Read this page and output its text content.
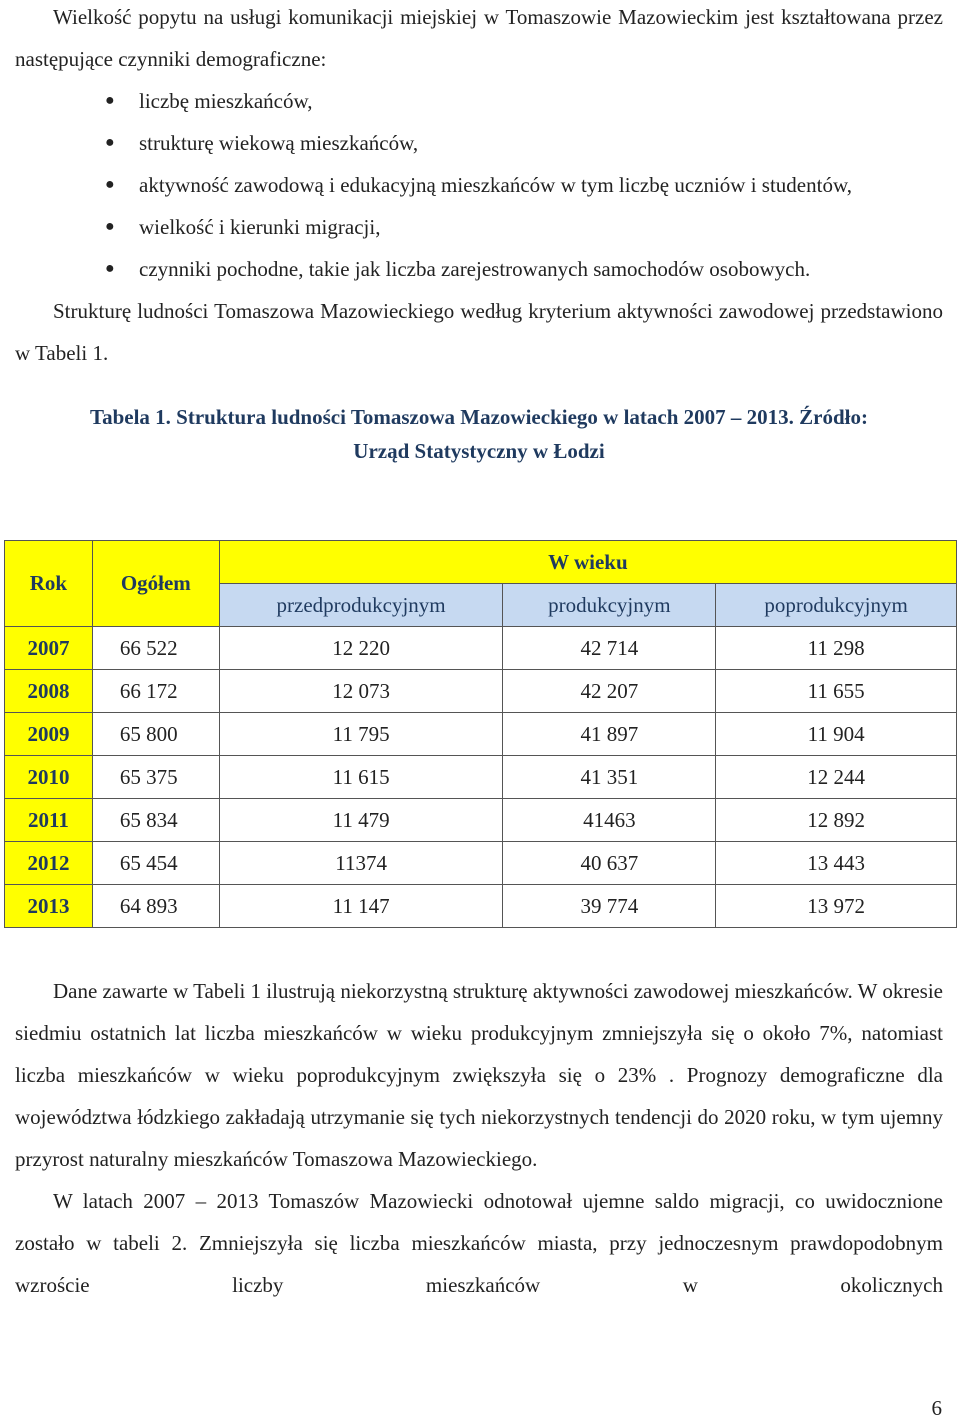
Wielkość popytu na usługi komunikacji miejskiej w Tomaszowie Mazowieckim jest kształtowana przez następujące czynniki demograficzne:

● liczbę mieszkańców,
● strukturę wiekową mieszkańców,
● aktywność zawodową i edukacyjną mieszkańców w tym liczbę uczniów i studentów,
● wielkość i kierunki migracji,
● czynniki pochodne, takie jak liczba zarejestrowanych samochodów osobowych.

Strukturę ludności Tomaszowa Mazowieckiego według kryterium aktywności zawodowej przedstawiono w Tabeli 1.

Tabela 1. Struktura ludności Tomaszowa Mazowieckiego w latach 2007 – 2013. Źródło:
Urząd Statystyczny w Łodzi
Rok	Ogółem	W wieku		
		przedprodukcyjnym	produkcyjnym	poprodukcyjnym
2007	66 522	12 220	42 714	11 298
2008	66 172	12 073	42 207	11 655
2009	65 800	11 795	41 897	11 904
2010	65 375	11 615	41 351	12 244
2011	65 834	11 479	41463	12 892
2012	65 454	11374	40 637	13 443
2013	64 893	11 147	39 774	13 972

Dane zawarte w Tabeli 1 ilustrują niekorzystną strukturę aktywności zawodowej mieszkańców. W okresie siedmiu ostatnich lat liczba mieszkańców w wieku produkcyjnym zmniejszyła się o około 7%, natomiast liczba mieszkańców w wieku poprodukcyjnym zwiększyła się o 23% . Prognozy demograficzne dla województwa łódzkiego zakładają utrzymanie się tych niekorzystnych tendencji do 2020 roku, w tym ujemny przyrost naturalny mieszkańców Tomaszowa Mazowieckiego.

W latach 2007 – 2013 Tomaszów Mazowiecki odnotował ujemne saldo migracji, co uwidocznione zostało w tabeli 2. Zmniejszyła się liczba mieszkańców miasta, przy jednoczesnym prawdopodobnym wzroście liczby mieszkańców w okolicznych

6
